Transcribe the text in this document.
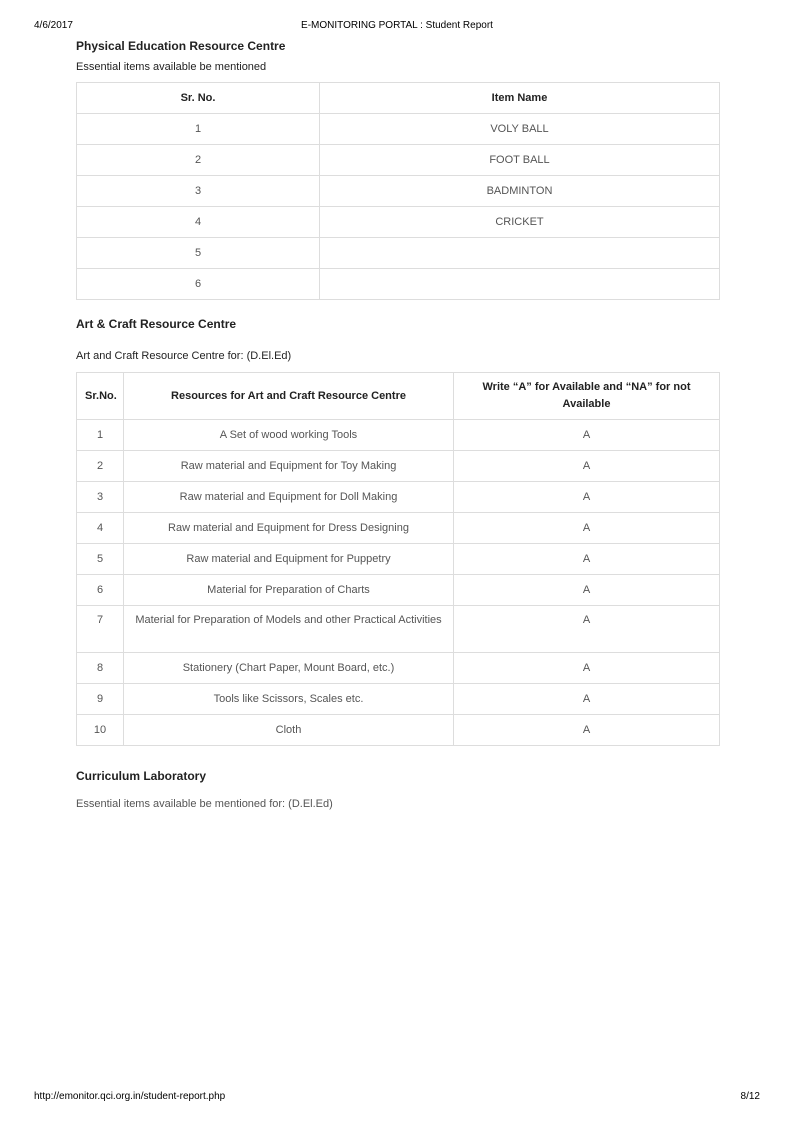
4/6/2017	E-MONITORING PORTAL : Student Report
Physical Education Resource Centre

Essential items available be mentioned

Sr. No.	Item Name
1	VOLY BALL
2	FOOT BALL
3	BADMINTON
4	CRICKET
5	
6	
Art & Craft Resource Centre

Art and Craft Resource Centre for: (D.El.Ed)

Sr.No.	Resources for Art and Craft Resource Centre	Write “A” for Available and “NA” for not Available
1	A Set of wood working Tools	A
2	Raw material and Equipment for Toy Making	A
3	Raw material and Equipment for Doll Making	A
4	Raw material and Equipment for Dress Designing	A
5	Raw material and Equipment for Puppetry	A
6	Material for Preparation of Charts	A
7	Material for Preparation of Models and other Practical Activities	A
8	Stationery (Chart Paper, Mount Board, etc.)	A
9	Tools like Scissors, Scales etc.	A
10	Cloth	A
Curriculum Laboratory

Essential items available be mentioned for: (D.El.Ed)

http://emonitor.qci.org.in/student-report.php	8/12
